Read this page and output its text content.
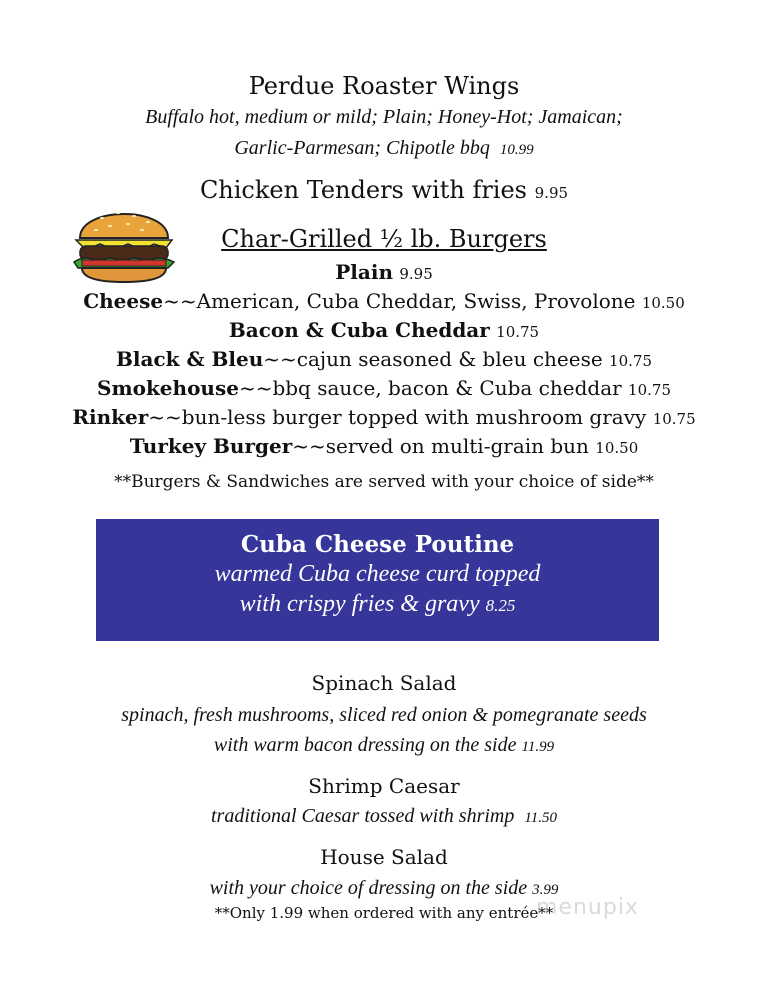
Perdue Roaster Wings
Buffalo hot, medium or mild; Plain; Honey-Hot; Jamaican;
Garlic-Parmesan; Chipotle bbq 10.99
Chicken Tenders with fries 9.95
Char-Grilled ½ lb. Burgers
Plain 9.95
Cheese~~American, Cuba Cheddar, Swiss, Provolone 10.50
Bacon & Cuba Cheddar 10.75
Black & Bleu~~cajun seasoned & bleu cheese 10.75
Smokehouse~~bbq sauce, bacon & Cuba cheddar 10.75
Rinker~~bun-less burger topped with mushroom gravy 10.75
Turkey Burger~~served on multi-grain bun 10.50
**Burgers & Sandwiches are served with your choice of side**
Cuba Cheese Poutine
warmed Cuba cheese curd topped
with crispy fries & gravy 8.25
Spinach Salad
spinach, fresh mushrooms, sliced red onion & pomegranate seeds
with warm bacon dressing on the side 11.99
Shrimp Caesar
traditional Caesar tossed with shrimp 11.50
House Salad
with your choice of dressing on the side 3.99
**Only 1.99 when ordered with any entrée**
menupix
